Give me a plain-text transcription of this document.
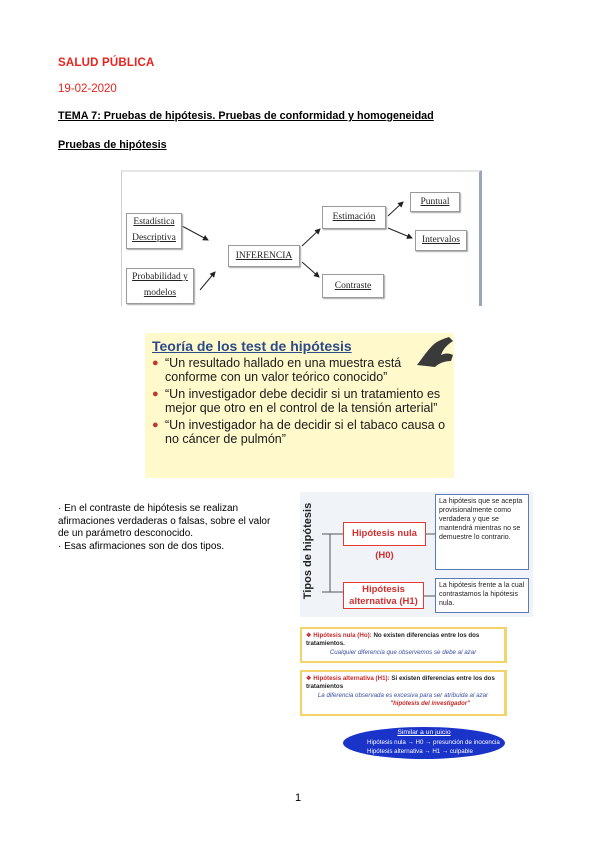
SALUD PÚBLICA
19-02-2020
TEMA 7: Pruebas de hipótesis. Pruebas de conformidad y homogeneidad
Pruebas de hipótesis
Estadística
Descriptiva
Probabilidad y
modelos
INFERENCIA
Estimación
Contraste
Puntual
Intervalos
Teoría de los test de hipótesis
● “Un resultado hallado en una muestra está conforme con un valor teórico conocido”
● “Un investigador debe decidir si un tratamiento es mejor que otro en el control de la tensión arterial”
● “Un investigador ha de decidir si el tabaco causa o no cáncer de pulmón”
· En el contraste de hipótesis se realizan afirmaciones verdaderas o falsas, sobre el valor de un parámetro desconocido.
· Esas afirmaciones son de dos tipos.	Tipos de hipótesis	Hipótesis nula (H0)
Hipótesis
alternativa (H1)
La hipótesis que se acepta provisionalmente como verdadera y que se mantendrá mientras no se demuestre lo contrario.
La hipótesis frente a la cual contrastamos la hipótesis nula.
❖ Hipótesis nula (Ho): No existen diferencias entre los dos tratamientos.
Cualquier diferencia que observemos se debe al azar
❖ Hipótesis alternativa (H1): Si existen diferencias entre los dos tratamientos
La diferencia observada es excesiva para ser atribuida al azar
"hipótesis del investigador"
Similar a un juicio
Hipótesis nula → H0 → presunción de inocencia
Hipótesis alternativa → H1 → culpable
1
